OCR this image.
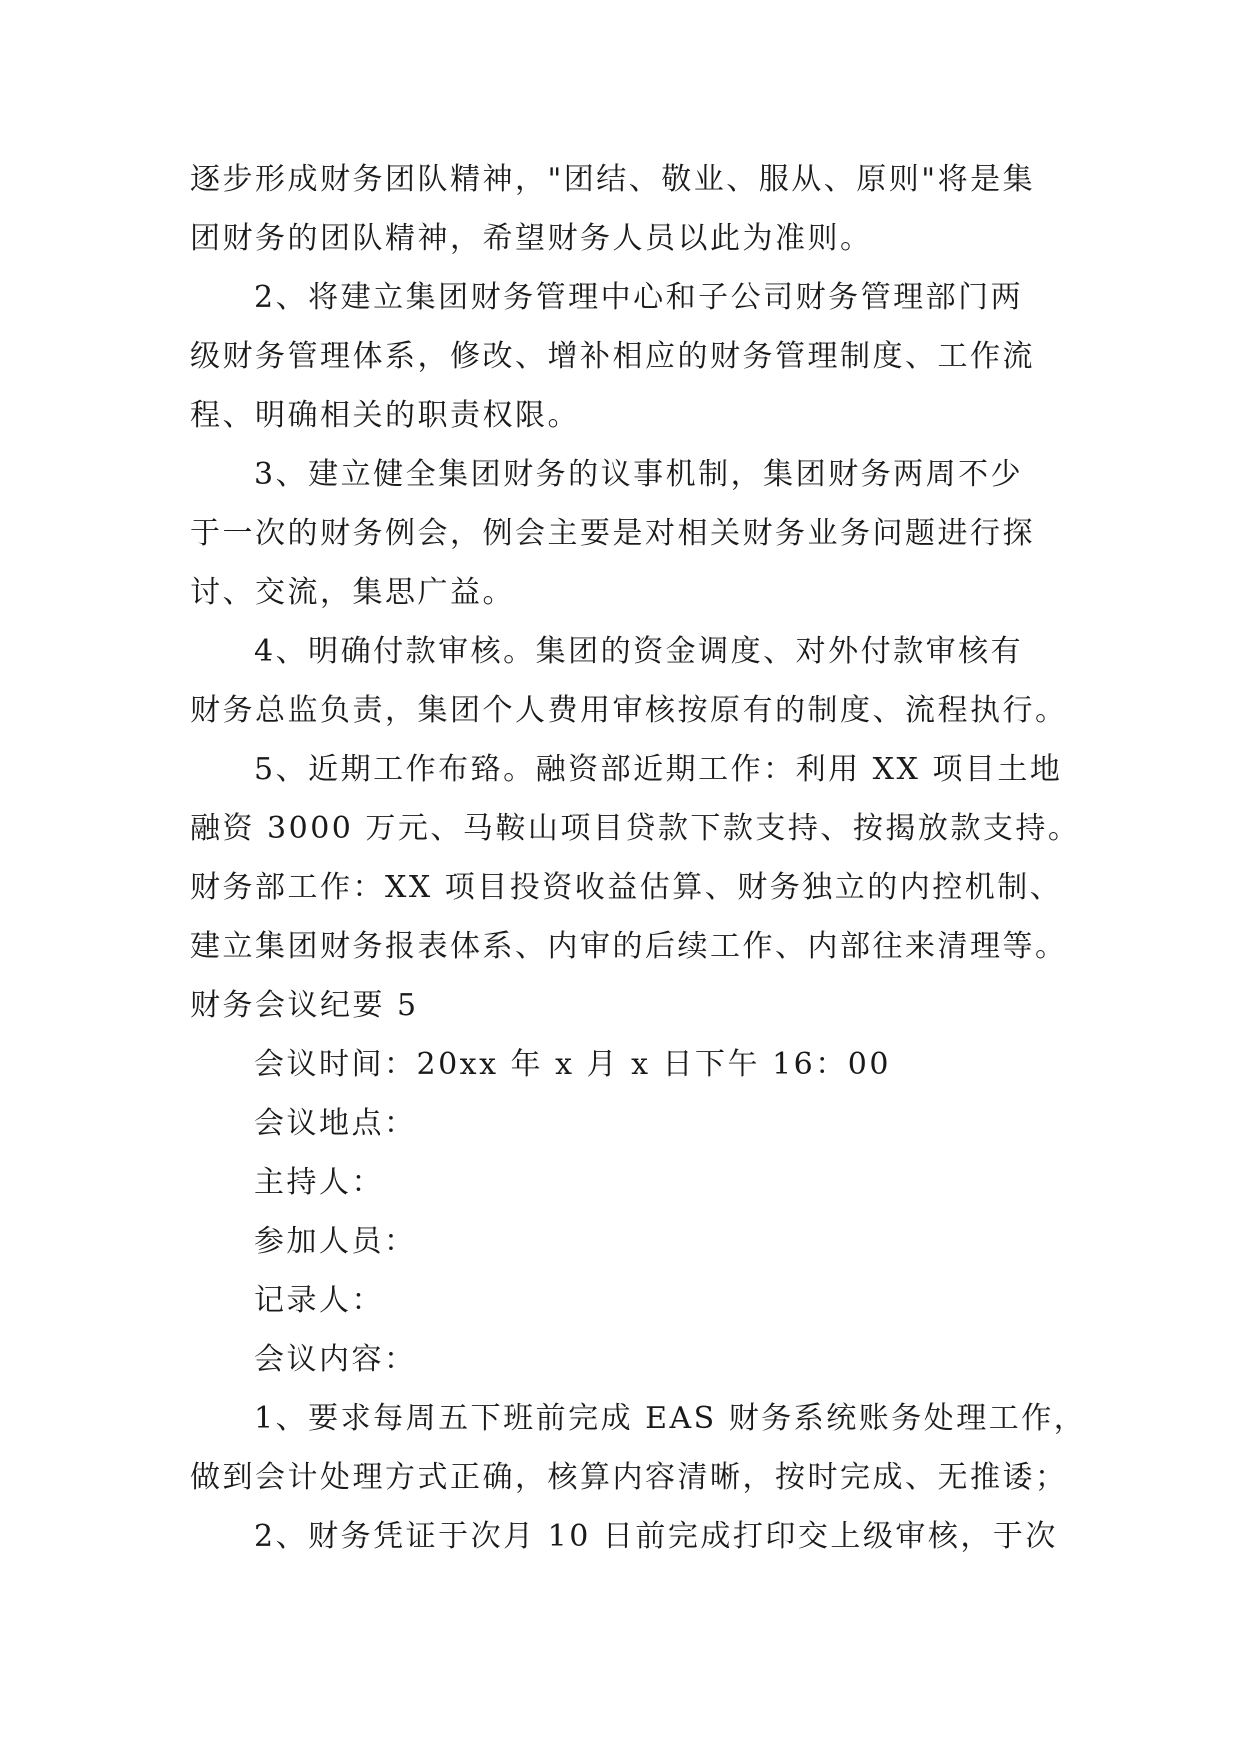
逐步形成财务团队精神，"团结、敬业、服从、原则"将是集
团财务的团队精神，希望财务人员以此为准则。

2、将建立集团财务管理中心和子公司财务管理部门两
级财务管理体系，修改、增补相应的财务管理制度、工作流
程、明确相关的职责权限。

3、建立健全集团财务的议事机制，集团财务两周不少
于一次的财务例会，例会主要是对相关财务业务问题进行探
讨、交流，集思广益。

4、明确付款审核。集团的资金调度、对外付款审核有
财务总监负责，集团个人费用审核按原有的制度、流程执行。

5、近期工作布臵。融资部近期工作：利用 XX 项目土地
融资 3000 万元、马鞍山项目贷款下款支持、按揭放款支持。
财务部工作：XX 项目投资收益估算、财务独立的内控机制、
建立集团财务报表体系、内审的后续工作、内部往来清理等。

财务会议纪要 5

会议时间：20xx 年 x 月 x 日下午 16：00

会议地点：

主持人：

参加人员：

记录人：

会议内容：

1、要求每周五下班前完成 EAS 财务系统账务处理工作，
做到会计处理方式正确，核算内容清晰，按时完成、无推诿；

2、财务凭证于次月 10 日前完成打印交上级审核，于次
